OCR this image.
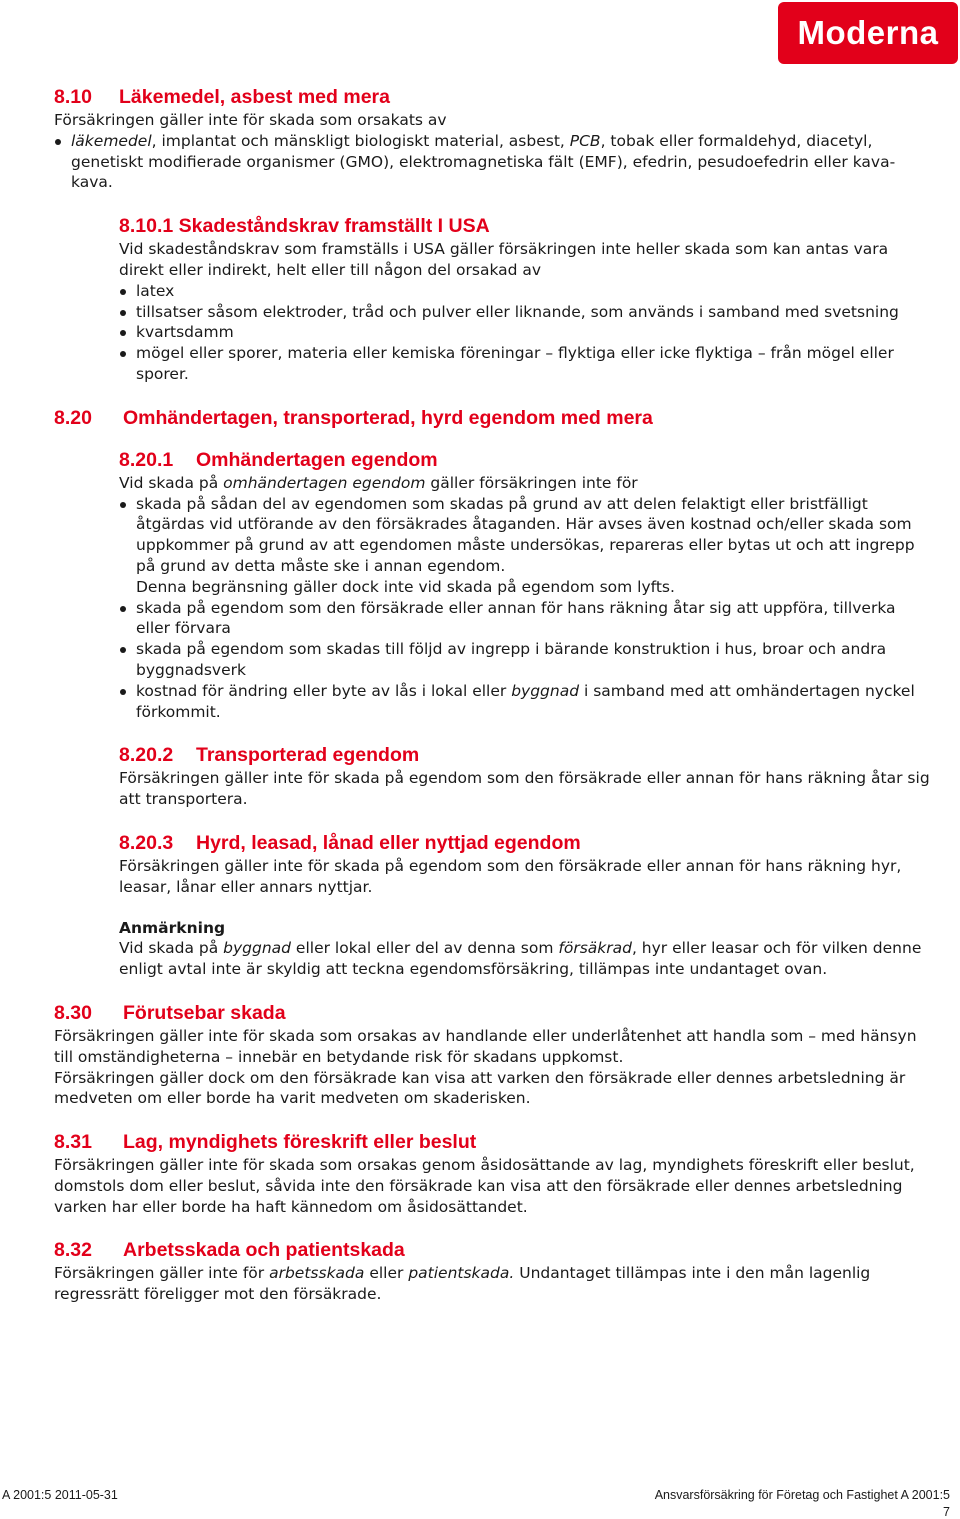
Moderna
8.10 Läkemedel, asbest med mera

Försäkringen gäller inte för skada som orsakats av

läkemedel, implantat och mänskligt biologiskt material, asbest, PCB, tobak eller formaldehyd, diacetyl, genetiskt modifierade organismer (GMO), elektromagnetiska fält (EMF), efedrin, pesudoefedrin eller kava-kava.
8.10.1 Skadeståndskrav framställt I USA

Vid skadeståndskrav som framställs i USA gäller försäkringen inte heller skada som kan antas vara direkt eller indirekt, helt eller till någon del orsakad av

latex
tillsatser såsom elektroder, tråd och pulver eller liknande, som används i samband med svetsning
kvartsdamm
mögel eller sporer, materia eller kemiska föreningar – flyktiga eller icke flyktiga – från mögel eller sporer.
8.20 Omhändertagen, transporterad, hyrd egendom med mera
8.20.1 Omhändertagen egendom

Vid skada på omhändertagen egendom gäller försäkringen inte för

skada på sådan del av egendomen som skadas på grund av att delen felaktigt eller bristfälligt åtgärdas vid utförande av den försäkrades åtaganden. Här avses även kostnad och/eller skada som uppkommer på grund av att egendomen måste undersökas, repareras eller bytas ut och att ingrepp på grund av detta måste ske i annan egendom.
Denna begränsning gäller dock inte vid skada på egendom som lyfts.
skada på egendom som den försäkrade eller annan för hans räkning åtar sig att uppföra, tillverka eller förvara
skada på egendom som skadas till följd av ingrepp i bärande konstruktion i hus, broar och andra byggnadsverk
kostnad för ändring eller byte av lås i lokal eller byggnad i samband med att omhändertagen nyckel förkommit.
8.20.2 Transporterad egendom

Försäkringen gäller inte för skada på egendom som den försäkrade eller annan för hans räkning åtar sig att transportera.

8.20.3 Hyrd, leasad, lånad eller nyttjad egendom

Försäkringen gäller inte för skada på egendom som den försäkrade eller annan för hans räkning hyr, leasar, lånar eller annars nyttjar.

Anmärkning

Vid skada på byggnad eller lokal eller del av denna som försäkrad, hyr eller leasar och för vilken denne enligt avtal inte är skyldig att teckna egendomsförsäkring, tillämpas inte undantaget ovan.

8.30 Förutsebar skada

Försäkringen gäller inte för skada som orsakas av handlande eller underlåtenhet att handla som – med hänsyn till omständigheterna – innebär en betydande risk för skadans uppkomst.

Försäkringen gäller dock om den försäkrade kan visa att varken den försäkrade eller dennes arbetsledning är medveten om eller borde ha varit medveten om skaderisken.

8.31 Lag, myndighets föreskrift eller beslut

Försäkringen gäller inte för skada som orsakas genom åsidosättande av lag, myndighets föreskrift eller beslut, domstols dom eller beslut, såvida inte den försäkrade kan visa att den försäkrade eller dennes arbetsledning varken har eller borde ha haft kännedom om åsidosättandet.

8.32 Arbetsskada och patientskada

Försäkringen gäller inte för arbetsskada eller patientskada. Undantaget tillämpas inte i den mån lagenlig regressrätt föreligger mot den försäkrade.

A 2001:5 2011-05-31	Ansvarsförsäkring för Företag och Fastighet A 2001:5
7
